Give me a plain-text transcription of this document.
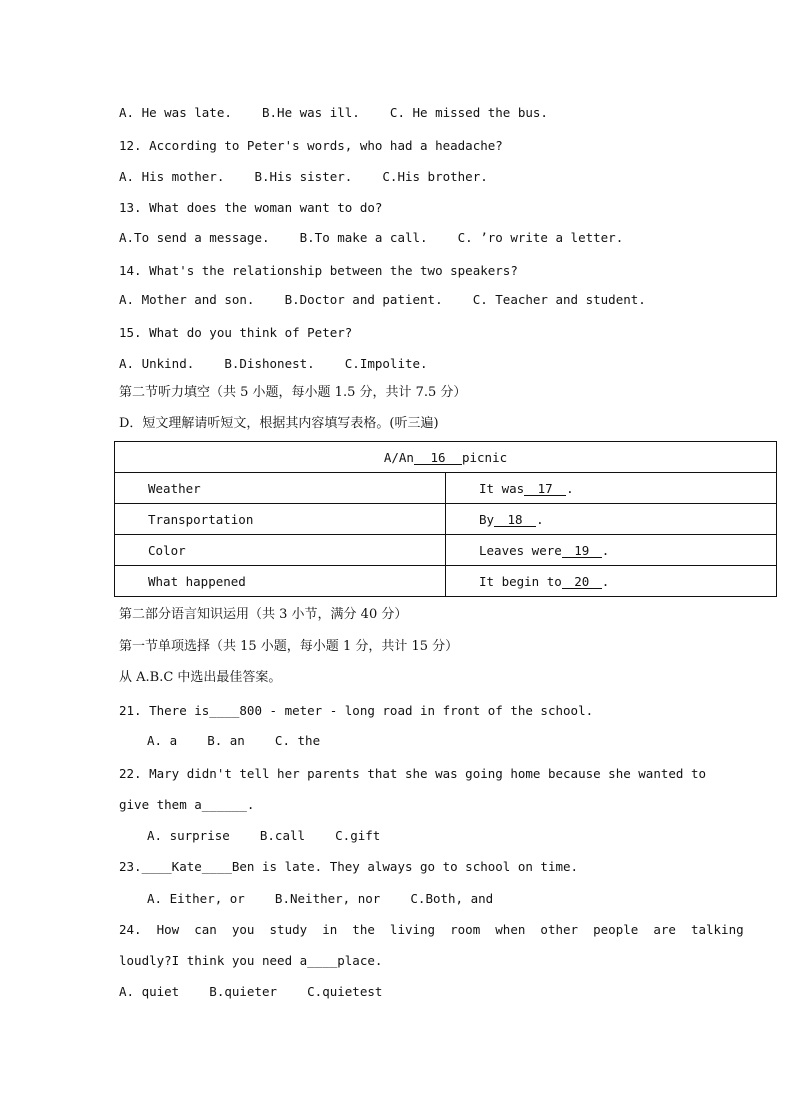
A. He was late.    B.He was ill.    C. He missed the bus.
12. According to Peter's words, who had a headache?
A. His mother.    B.His sister.    C.His brother.
13. What does the woman want to do?
A.To send a message.    B.To make a call.    C. ’ro write a letter.
14. What's the relationship between the two speakers?
A. Mother and son.    B.Doctor and patient.    C. Teacher and student.
15. What do you think of Peter?
A. Unkind.    B.Dishonest.    C.Impolite.
第二节听力填空（共 5 小题，每小题 1.5 分，共计 7.5 分）
D．短文理解请听短文，根据其内容填写表格。(听三遍)
A/An 16 picnic	
Weather	It was 17 .
Transportation	By 18 .
Color	Leaves were 19 .
What happened	It begin to 20 .
第二部分语言知识运用（共 3 小节，满分 40 分）
第一节单项选择（共 15 小题，每小题 1 分，共计 15 分）
从 A.B.C 中选出最佳答案。
21. There is____800 - meter - long road in front of the school.
A. a    B. an    C. the
22. Mary didn't tell her parents that she was going home because she wanted to
give them a______.
A. surprise    B.call    C.gift
23.____Kate____Ben is late. They always go to school on time.
A. Either, or    B.Neither, nor    C.Both, and
24.  How  can  you  study  in  the  living  room  when  other  people  are  talking
loudly?I think you need a____place.
A. quiet    B.quieter    C.quietest
